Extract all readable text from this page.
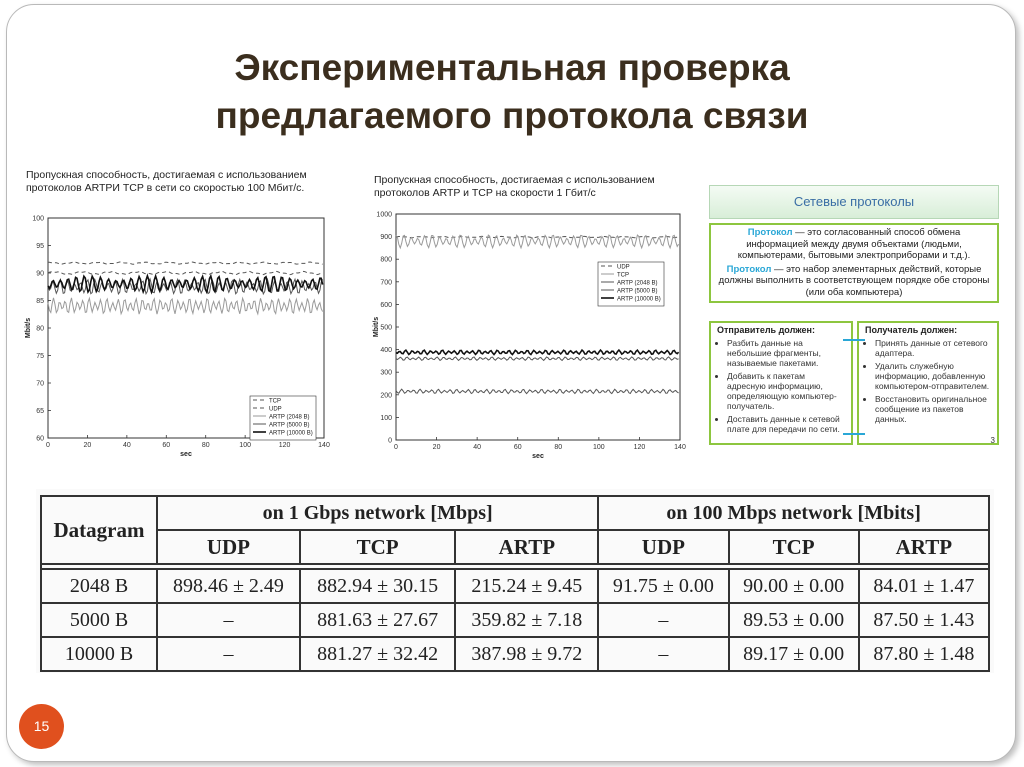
Экспериментальная проверка
предлагаемого протокола связи
Пропускная способность, достигаемая с использованием
протоколов ARTPИ TCP в сети со скоростью 100 Мбит/с.
60
65
70
75
80
85
90
95
100
0	20	40	60	80	100	120	140
sec
Mbit/s
TCP
UDP
ARTP (2048 B)
ARTP (5000 B)
ARTP (10000 B)
Пропускная способность, достигаемая с использованием
протоколов ARTP и TCP на скорости 1 Гбит/с
0
100
200
300
400
500
600
700
800
900
1000
0	20	40	60	80	100	120	140
sec
Mbit/s
UDP
TCP
ARTP (2048 B)
ARTP (5000 B)
ARTP (10000 B)
Сетевые протоколы

Протокол — это согласованный способ обмена информацией между двумя объектами (людьми, компьютерами, бытовыми электроприборами и т.д.).

Протокол — это набор элементарных действий, которые должны выполнить в соответствующем порядке обе стороны (или оба компьютера)

Отправитель должен:
• Разбить данные на небольшие фрагменты, называемые пакетами.
• Добавить к пакетам адресную информацию, определяющую компьютер-получатель.
• Доставить данные к сетевой плате для передачи по сети.
Получатель должен:
• Принять данные от сетевого адаптера.
• Удалить служебную информацию, добавленную компьютером-отправителем.
• Восстановить оригинальное сообщение из пакетов данных.
3
Datagram	on 1 Gbps network [Mbps]			on 100 Mbps network [Mbits]		
	UDP	TCP	ARTP	UDP	TCP	ARTP

2048 B	898.46 ± 2.49	882.94 ± 30.15	215.24 ± 9.45	91.75 ± 0.00	90.00 ± 0.00	84.01 ± 1.47
5000 B	–	881.63 ± 27.67	359.82 ± 7.18	–	89.53 ± 0.00	87.50 ± 1.43
10000 B	–	881.27 ± 32.42	387.98 ± 9.72	–	89.17 ± 0.00	87.80 ± 1.48
15
